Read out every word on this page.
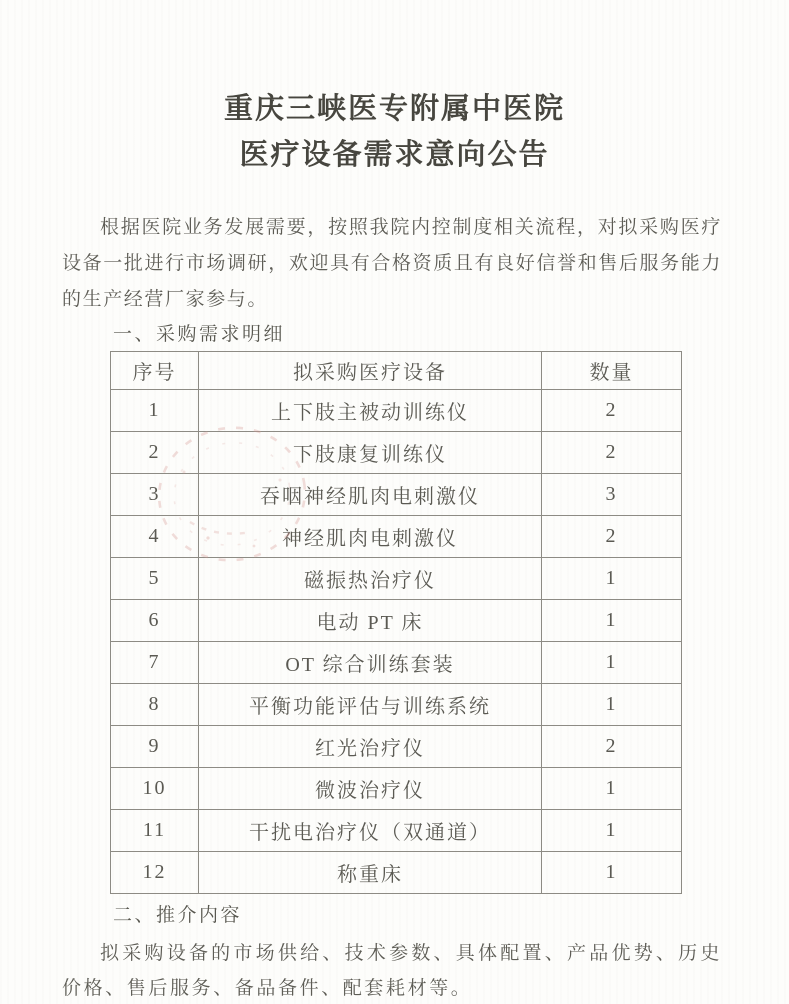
重庆三峡医专附属中医院
医疗设备需求意向公告

根据医院业务发展需要，按照我院内控制度相关流程，对拟采购医疗设备一批进行市场调研，欢迎具有合格资质且有良好信誉和售后服务能力的生产经营厂家参与。

一、采购需求明细
序号	拟采购医疗设备	数量
1	上下肢主被动训练仪	2
2	下肢康复训练仪	2
3	吞咽神经肌肉电刺激仪	3
4	神经肌肉电刺激仪	2
5	磁振热治疗仪	1
6	电动 PT 床	1
7	OT 综合训练套装	1
8	平衡功能评估与训练系统	1
9	红光治疗仪	2
10	微波治疗仪	1
11	干扰电治疗仪（双通道）	1
12	称重床	1
二、推介内容

拟采购设备的市场供给、技术参数、具体配置、产品优势、历史价格、售后服务、备品备件、配套耗材等。
